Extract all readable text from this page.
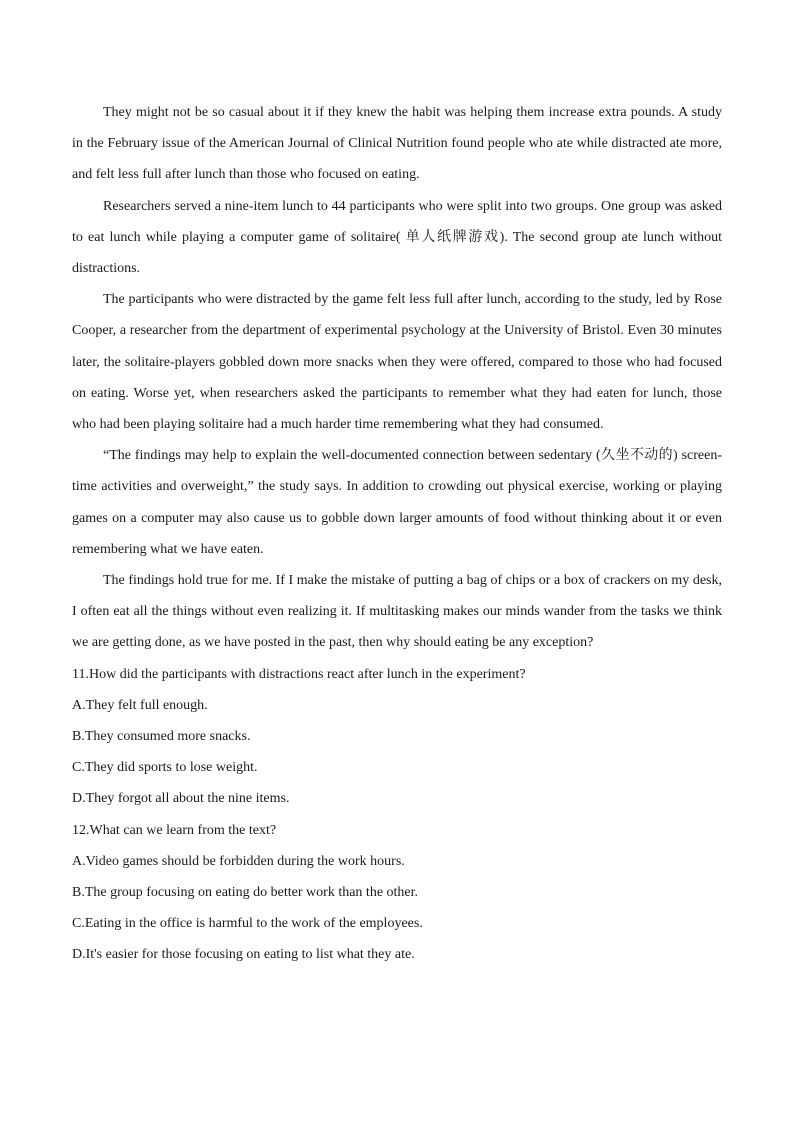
They might not be so casual about it if they knew the habit was helping them increase extra pounds. A study in the February issue of the American Journal of Clinical Nutrition found people who ate while distracted ate more, and felt less full after lunch than those who focused on eating.

Researchers served a nine-item lunch to 44 participants who were split into two groups. One group was asked to eat lunch while playing a computer game of solitaire( 单人纸牌游戏). The second group ate lunch without distractions.

The participants who were distracted by the game felt less full after lunch, according to the study, led by Rose Cooper, a researcher from the department of experimental psychology at the University of Bristol. Even 30 minutes later, the solitaire-players gobbled down more snacks when they were offered, compared to those who had focused on eating. Worse yet, when researchers asked the participants to remember what they had eaten for lunch, those who had been playing solitaire had a much harder time remembering what they had consumed.

“The findings may help to explain the well-documented connection between sedentary (久坐不动的) screen-time activities and overweight,” the study says. In addition to crowding out physical exercise, working or playing games on a computer may also cause us to gobble down larger amounts of food without thinking about it or even remembering what we have eaten.

The findings hold true for me. If I make the mistake of putting a bag of chips or a box of crackers on my desk, I often eat all the things without even realizing it. If multitasking makes our minds wander from the tasks we think we are getting done, as we have posted in the past, then why should eating be any exception?

11.How did the participants with distractions react after lunch in the experiment?

A.They felt full enough.

B.They consumed more snacks.

C.They did sports to lose weight.

D.They forgot all about the nine items.

12.What can we learn from the text?

A.Video games should be forbidden during the work hours.

B.The group focusing on eating do better work than the other.

C.Eating in the office is harmful to the work of the employees.

D.It's easier for those focusing on eating to list what they ate.
